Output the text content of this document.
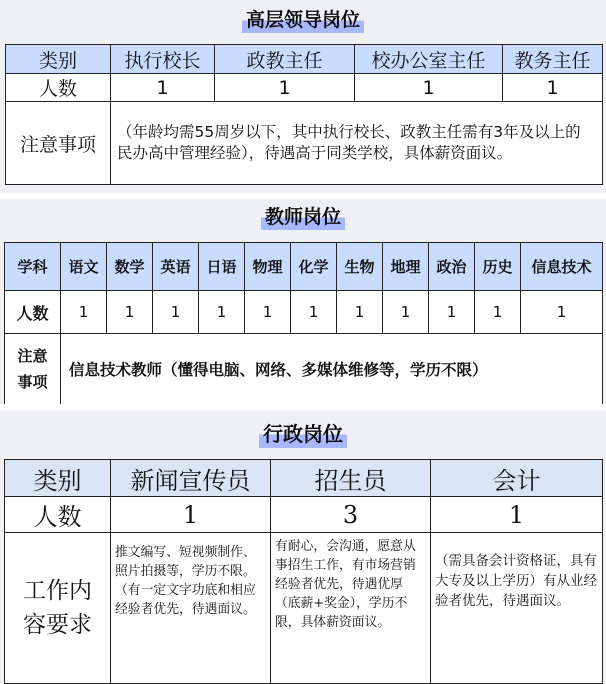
高层领导岗位
类别	执行校长	政教主任	校办公室主任	教务主任
人数	1	1	1	1
注意事项	（年龄均需55周岁以下，其中执行校长、政教主任需有3年及以上的民办高中管理经验），待遇高于同类学校，具体薪资面议。			
教师岗位
学科	语文	数学	英语	日语	物理	化学	生物	地理	政治	历史	信息技术
人数	1	1	1	1	1	1	1	1	1	1	1

注意
事项	信息技术教师（懂得电脑、网络、多媒体维修等，学历不限）										
行政岗位
类别	新闻宣传员	招生员	会计
人数	1	3	1

工作内
容要求	推文编写、短视频制作、照片拍摄等，学历不限。（有一定文字功底和相应经验者优先，待遇面议。	有耐心，会沟通，愿意从事招生工作，有市场营销经验者优先，待遇优厚（底薪+奖金），学历不限，具体薪资面议。	（需具备会计资格证，具有大专及以上学历）有从业经验者优先，待遇面议。
